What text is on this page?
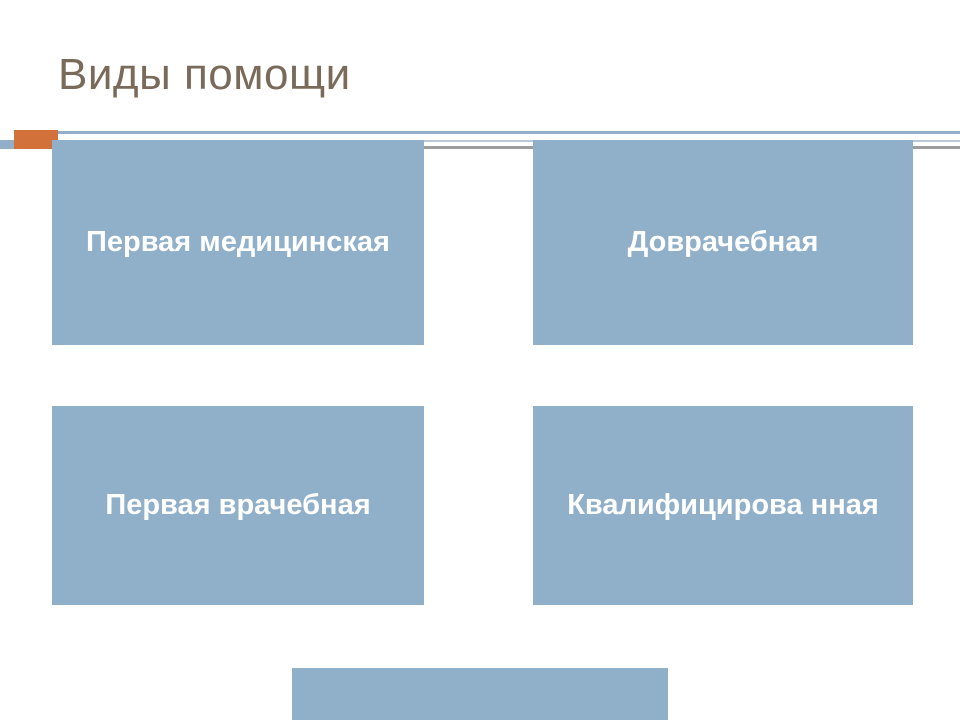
Виды помощи
Первая медицинская	Доврачебная
Первая врачебная	Квалифицирова нная
